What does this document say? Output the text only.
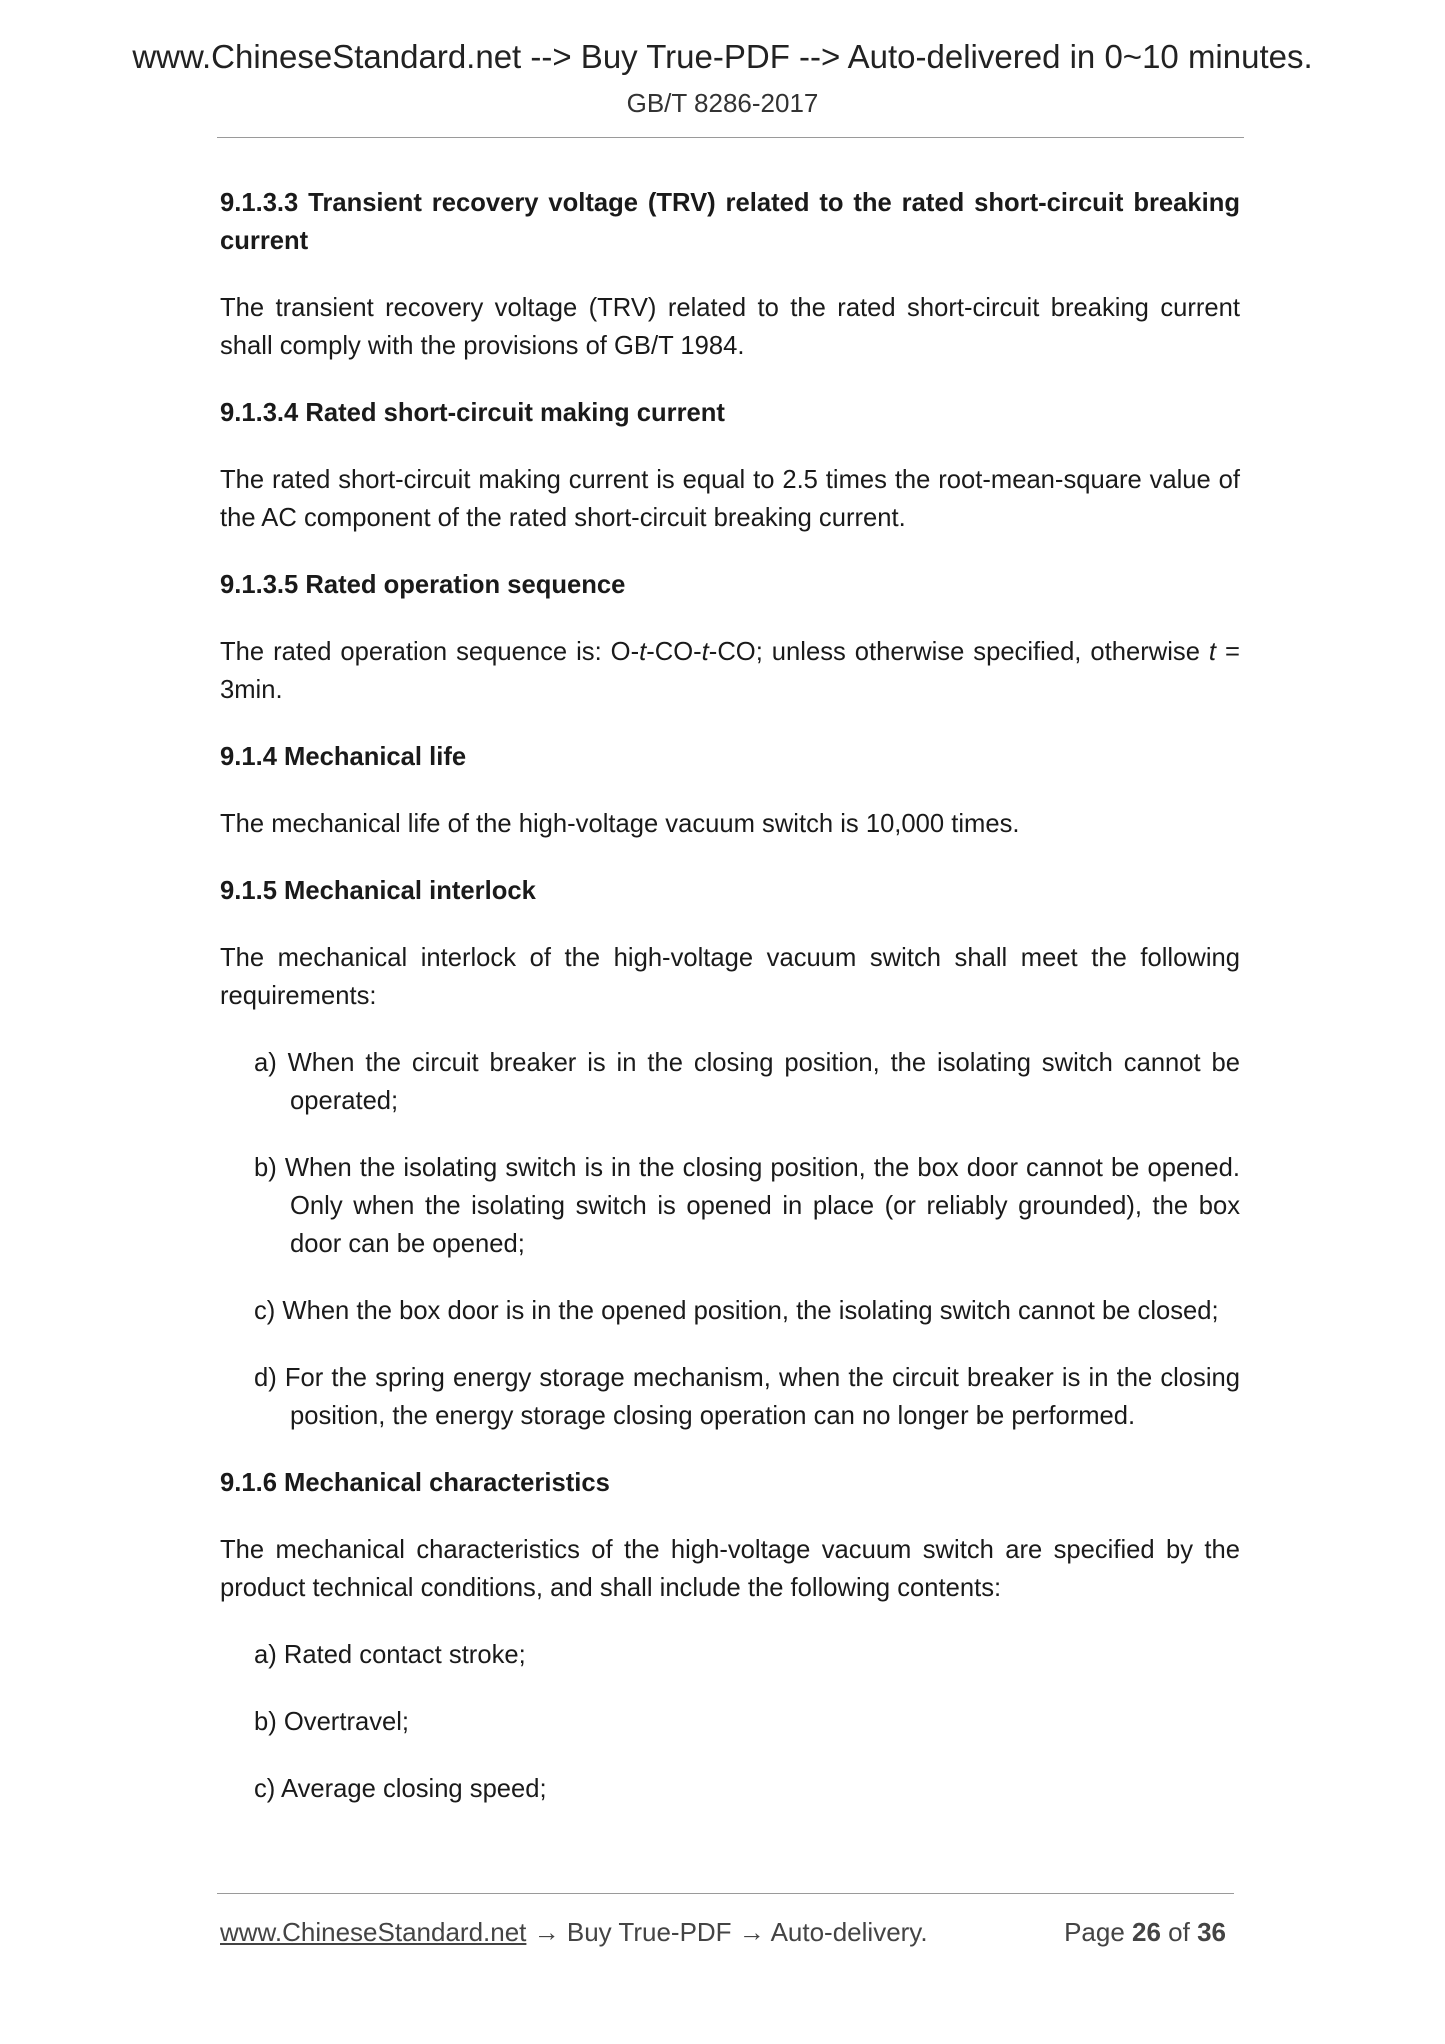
www.ChineseStandard.net --> Buy True-PDF --> Auto-delivered in 0~10 minutes.
GB/T 8286-2017
9.1.3.3 Transient recovery voltage (TRV) related to the rated short-circuit breaking current
The transient recovery voltage (TRV) related to the rated short-circuit breaking current shall comply with the provisions of GB/T 1984.
9.1.3.4 Rated short-circuit making current
The rated short-circuit making current is equal to 2.5 times the root-mean-square value of the AC component of the rated short-circuit breaking current.
9.1.3.5 Rated operation sequence
The rated operation sequence is: O-t-CO-t-CO; unless otherwise specified, otherwise t = 3min.
9.1.4 Mechanical life
The mechanical life of the high-voltage vacuum switch is 10,000 times.
9.1.5 Mechanical interlock
The mechanical interlock of the high-voltage vacuum switch shall meet the following requirements:
a) When the circuit breaker is in the closing position, the isolating switch cannot be operated;
b) When the isolating switch is in the closing position, the box door cannot be opened. Only when the isolating switch is opened in place (or reliably grounded), the box door can be opened;
c) When the box door is in the opened position, the isolating switch cannot be closed;
d) For the spring energy storage mechanism, when the circuit breaker is in the closing position, the energy storage closing operation can no longer be performed.
9.1.6 Mechanical characteristics
The mechanical characteristics of the high-voltage vacuum switch are specified by the product technical conditions, and shall include the following contents:
a) Rated contact stroke;
b) Overtravel;
c) Average closing speed;
www.ChineseStandard.net → Buy True-PDF → Auto-delivery.	Page 26 of 36
